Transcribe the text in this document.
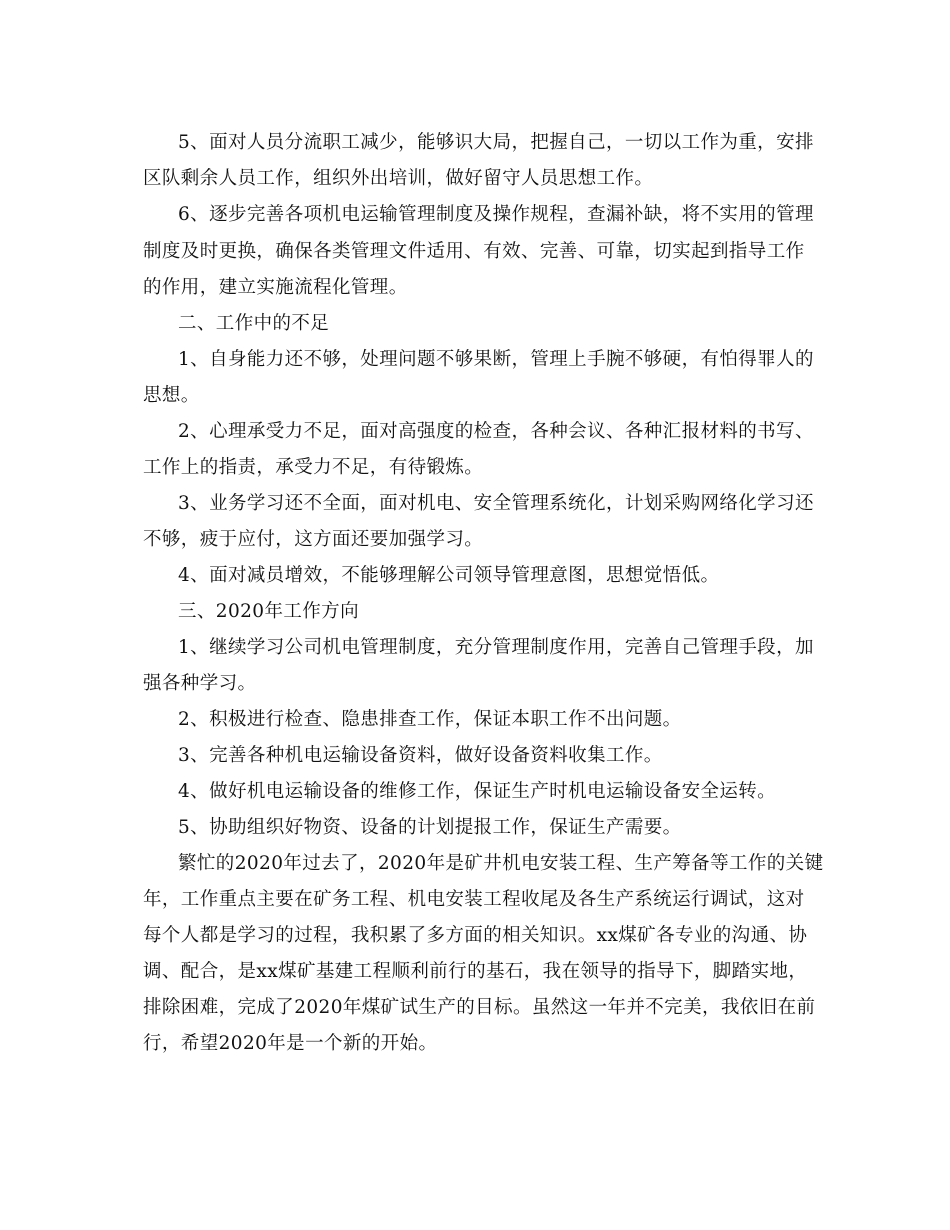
5、面对人员分流职工减少，能够识大局，把握自己，一切以工作为重，安排
区队剩余人员工作，组织外出培训，做好留守人员思想工作。
6、逐步完善各项机电运输管理制度及操作规程，查漏补缺，将不实用的管理
制度及时更换，确保各类管理文件适用、有效、完善、可靠，切实起到指导工作
的作用，建立实施流程化管理。
二、工作中的不足
1、自身能力还不够，处理问题不够果断，管理上手腕不够硬，有怕得罪人的
思想。
2、心理承受力不足，面对高强度的检查，各种会议、各种汇报材料的书写、
工作上的指责，承受力不足，有待锻炼。
3、业务学习还不全面，面对机电、安全管理系统化，计划采购网络化学习还
不够，疲于应付，这方面还要加强学习。
4、面对减员增效，不能够理解公司领导管理意图，思想觉悟低。
三、2020年工作方向
1、继续学习公司机电管理制度，充分管理制度作用，完善自己管理手段，加
强各种学习。
2、积极进行检查、隐患排查工作，保证本职工作不出问题。
3、完善各种机电运输设备资料，做好设备资料收集工作。
4、做好机电运输设备的维修工作，保证生产时机电运输设备安全运转。
5、协助组织好物资、设备的计划提报工作，保证生产需要。
繁忙的2020年过去了，2020年是矿井机电安装工程、生产筹备等工作的关键
年，工作重点主要在矿务工程、机电安装工程收尾及各生产系统运行调试，这对
每个人都是学习的过程，我积累了多方面的相关知识。xx煤矿各专业的沟通、协
调、配合，是xx煤矿基建工程顺利前行的基石，我在领导的指导下，脚踏实地，
排除困难，完成了2020年煤矿试生产的目标。虽然这一年并不完美，我依旧在前
行，希望2020年是一个新的开始。
